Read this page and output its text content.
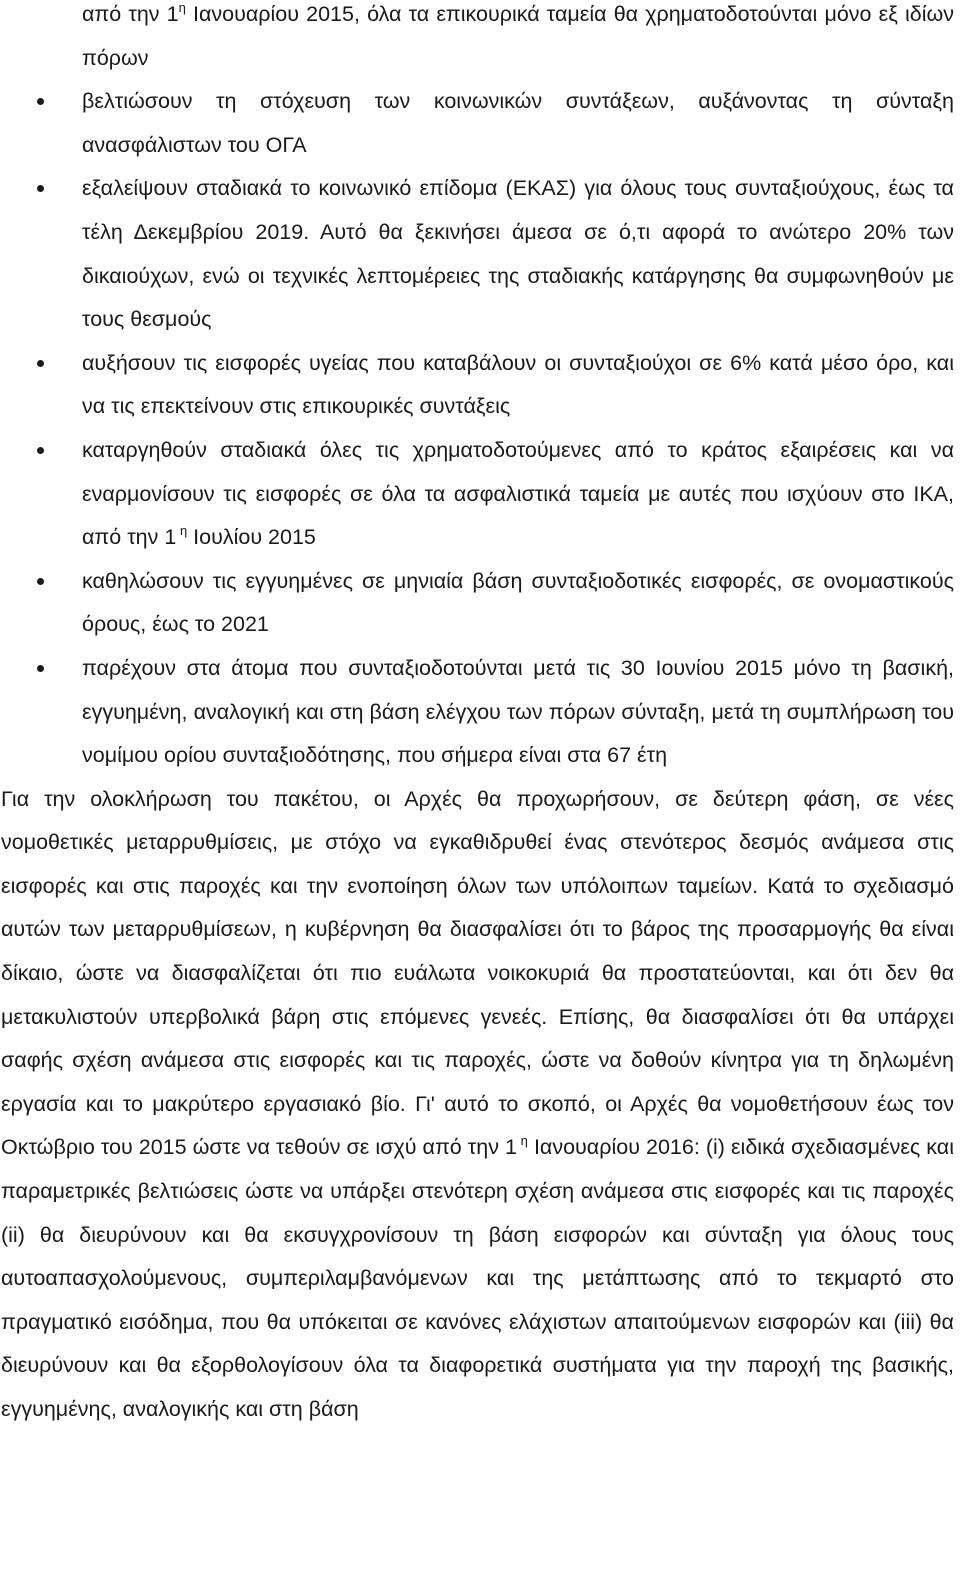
από την $1^\eta$ Ιανουαρίου 2015, όλα τα επικουρικά ταμεία θα χρηματοδοτούνται μόνο εξ ιδίων πόρων
βελτιώσουν τη στόχευση των κοινωνικών συντάξεων, αυξάνοντας τη σύνταξη ανασφάλιστων του ΟΓΑ
εξαλείψουν σταδιακά το κοινωνικό επίδομα (ΕΚΑΣ) για όλους τους συνταξιούχους, έως τα τέλη Δεκεμβρίου 2019. Αυτό θα ξεκινήσει άμεσα σε ό,τι αφορά το ανώτερο 20% των δικαιούχων, ενώ οι τεχνικές λεπτομέρειες της σταδιακής κατάργησης θα συμφωνηθούν με τους θεσμούς
αυξήσουν τις εισφορές υγείας που καταβάλουν οι συνταξιούχοι σε 6% κατά μέσο όρο, και να τις επεκτείνουν στις επικουρικές συντάξεις
καταργηθούν σταδιακά όλες τις χρηματοδοτούμενες από το κράτος εξαιρέσεις και να εναρμονίσουν τις εισφορές σε όλα τα ασφαλιστικά ταμεία με αυτές που ισχύουν στο ΙΚΑ, από την 1 $^\eta$ Ιουλίου 2015
καθηλώσουν τις εγγυημένες σε μηνιαία βάση συνταξιοδοτικές εισφορές, σε ονομαστικούς όρους, έως το 2021
παρέχουν στα άτομα που συνταξιοδοτούνται μετά τις 30 Ιουνίου 2015 μόνο τη βασική, εγγυημένη, αναλογική και στη βάση ελέγχου των πόρων σύνταξη, μετά τη συμπλήρωση του νομίμου ορίου συνταξιοδότησης, που σήμερα είναι στα 67 έτη
Για την ολοκλήρωση του πακέτου, οι Αρχές θα προχωρήσουν, σε δεύτερη φάση, σε νέες νομοθετικές μεταρρυθμίσεις, με στόχο να εγκαθιδρυθεί ένας στενότερος δεσμός ανάμεσα στις εισφορές και στις παροχές και την ενοποίηση όλων των υπόλοιπων ταμείων. Κατά το σχεδιασμό αυτών των μεταρρυθμίσεων, η κυβέρνηση θα διασφαλίσει ότι το βάρος της προσαρμογής θα είναι δίκαιο, ώστε να διασφαλίζεται ότι πιο ευάλωτα νοικοκυριά θα προστατεύονται, και ότι δεν θα μετακυλιστούν υπερβολικά βάρη στις επόμενες γενεές. Επίσης, θα διασφαλίσει ότι θα υπάρχει σαφής σχέση ανάμεσα στις εισφορές και τις παροχές, ώστε να δοθούν κίνητρα για τη δηλωμένη εργασία και το μακρύτερο εργασιακό βίο. Γι' αυτό το σκοπό, οι Αρχές θα νομοθετήσουν έως τον Οκτώβριο του 2015 ώστε να τεθούν σε ισχύ από την 1 $^\eta$ Ιανουαρίου 2016: (i) ειδικά σχεδιασμένες και παραμετρικές βελτιώσεις ώστε να υπάρξει στενότερη σχέση ανάμεσα στις εισφορές και τις παροχές (ii) θα διευρύνουν και θα εκσυγχρονίσουν τη βάση εισφορών και σύνταξη για όλους τους αυτοαπασχολούμενους, συμπεριλαμβανόμενων και της μετάπτωσης από το τεκμαρτό στο πραγματικό εισόδημα, που θα υπόκειται σε κανόνες ελάχιστων απαιτούμενων εισφορών και (iii) θα διευρύνουν και θα εξορθολογίσουν όλα τα διαφορετικά συστήματα για την παροχή της βασικής, εγγυημένης, αναλογικής και στη βάση
